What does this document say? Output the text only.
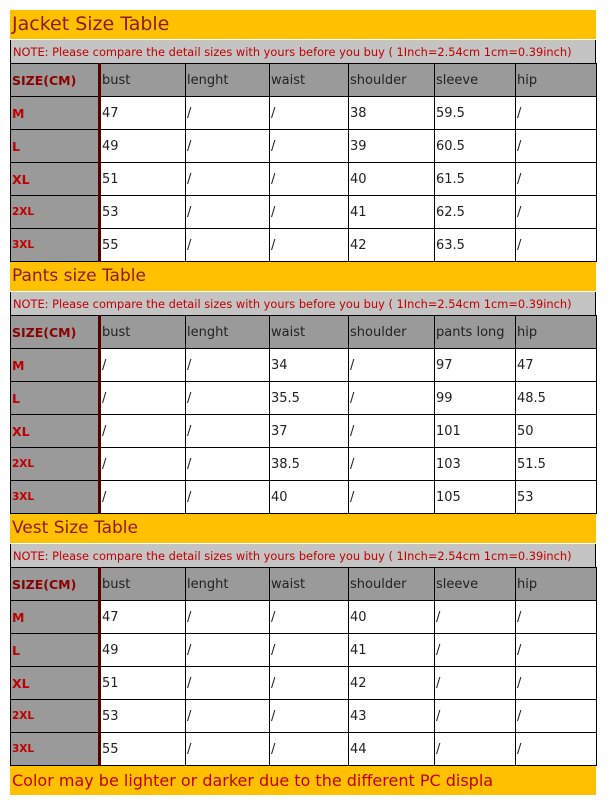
Jacket Size Table
NOTE: Please compare the detail sizes with yours before you buy ( 1Inch=2.54cm 1cm=0.39inch)
SIZE(CM)	bust	lenght	waist	shoulder	sleeve	hip
M	47	/	/	38	59.5	/
L	49	/	/	39	60.5	/
XL	51	/	/	40	61.5	/
2XL	53	/	/	41	62.5	/
3XL	55	/	/	42	63.5	/
Pants size Table
NOTE: Please compare the detail sizes with yours before you buy ( 1Inch=2.54cm 1cm=0.39inch)
SIZE(CM)	bust	lenght	waist	shoulder	pants long	hip
M	/	/	34	/	97	47
L	/	/	35.5	/	99	48.5
XL	/	/	37	/	101	50
2XL	/	/	38.5	/	103	51.5
3XL	/	/	40	/	105	53
Vest Size Table
NOTE: Please compare the detail sizes with yours before you buy ( 1Inch=2.54cm 1cm=0.39inch)
SIZE(CM)	bust	lenght	waist	shoulder	sleeve	hip
M	47	/	/	40	/	/
L	49	/	/	41	/	/
XL	51	/	/	42	/	/
2XL	53	/	/	43	/	/
3XL	55	/	/	44	/	/
Color may be lighter or darker due to the different PC displa
